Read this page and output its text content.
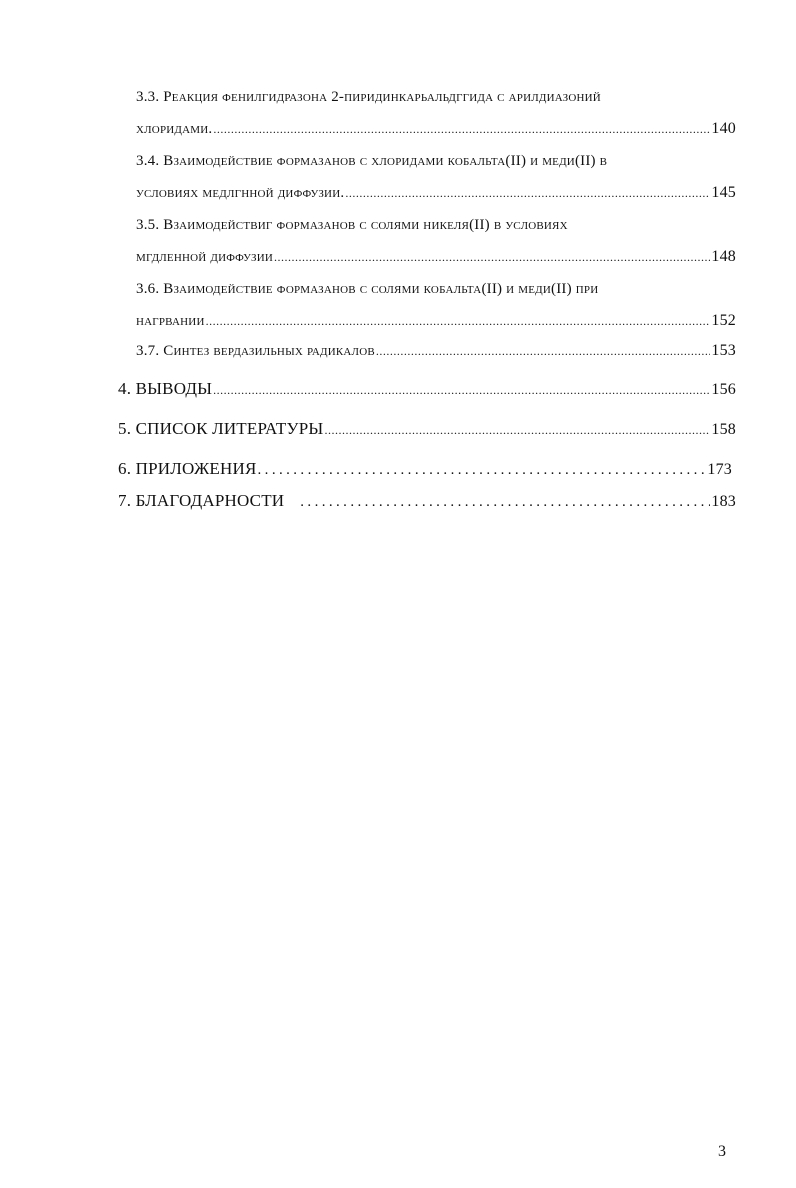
3.3. Реакция фенилгидразона 2-пиридинкарьальдггида с арилдиазоний
хлоридами. .....	140
3.4. Взаимодействие формазанов с хлоридами кобальта(II) и меди(II) в
условиях медлгнной диффузии. .....	145
3.5. Взаимодействиг формазанов с солями никеля(II) в условиях
мгдленной диффузии .....	148
3.6. Взаимодействие формазанов с солями кобальта(II) и меди(II) при
нагрвании .....	152
3.7. Синтез вердазильных радикалов .....	153
4. ВЫВОДЫ .....	156
5. СПИСОК ЛИТЕРАТУРЫ .....	158
6. ПРИЛОЖЕНИЯ .....	173
7. БЛАГОДАРНОСТИ .....	183
3
